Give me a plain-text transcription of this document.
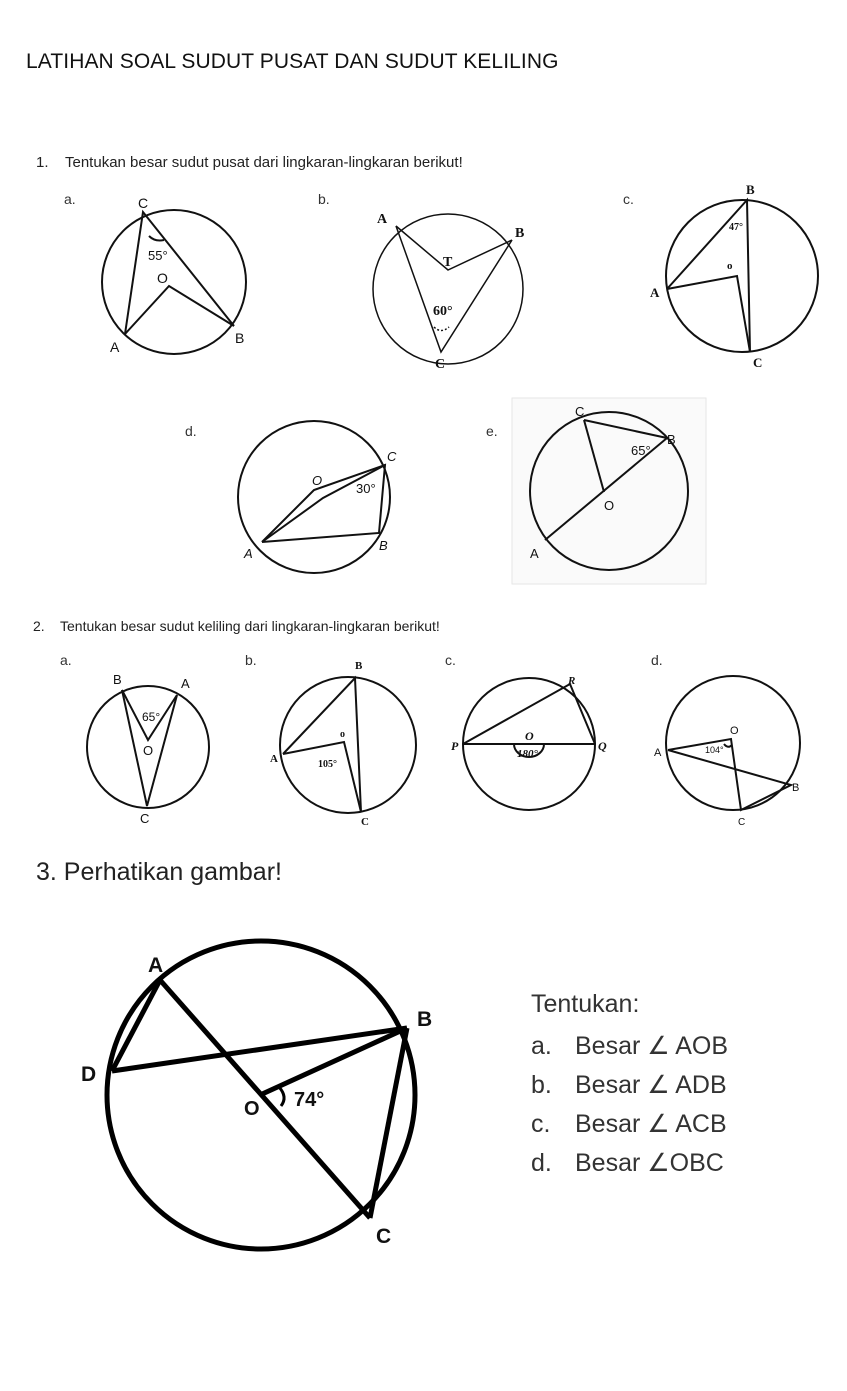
LATIHAN SOAL SUDUT PUSAT DAN SUDUT KELILING
1. Tentukan besar sudut pusat dari lingkaran-lingkaran berikut!
a.	b.	c.
d.	e.
C
A
B
O
55°
A
B
C
T
60°
B
A
C
o
47°
A
B
C
O
30°
C
B
A
O
65°
2. Tentukan besar sudut keliling dari lingkaran-lingkaran berikut!
a.	b.	c.	d.
B	A
C
O
65°
B
A
C
o
105°
P	Q
R
O
180°	A
B
C
O
104°
3. Perhatikan gambar!
A
B
C
D
O 74°
Tentukan:
a. Besar ∠ AOB
b. Besar ∠ ADB
c. Besar ∠ ACB
d. Besar ∠OBC
